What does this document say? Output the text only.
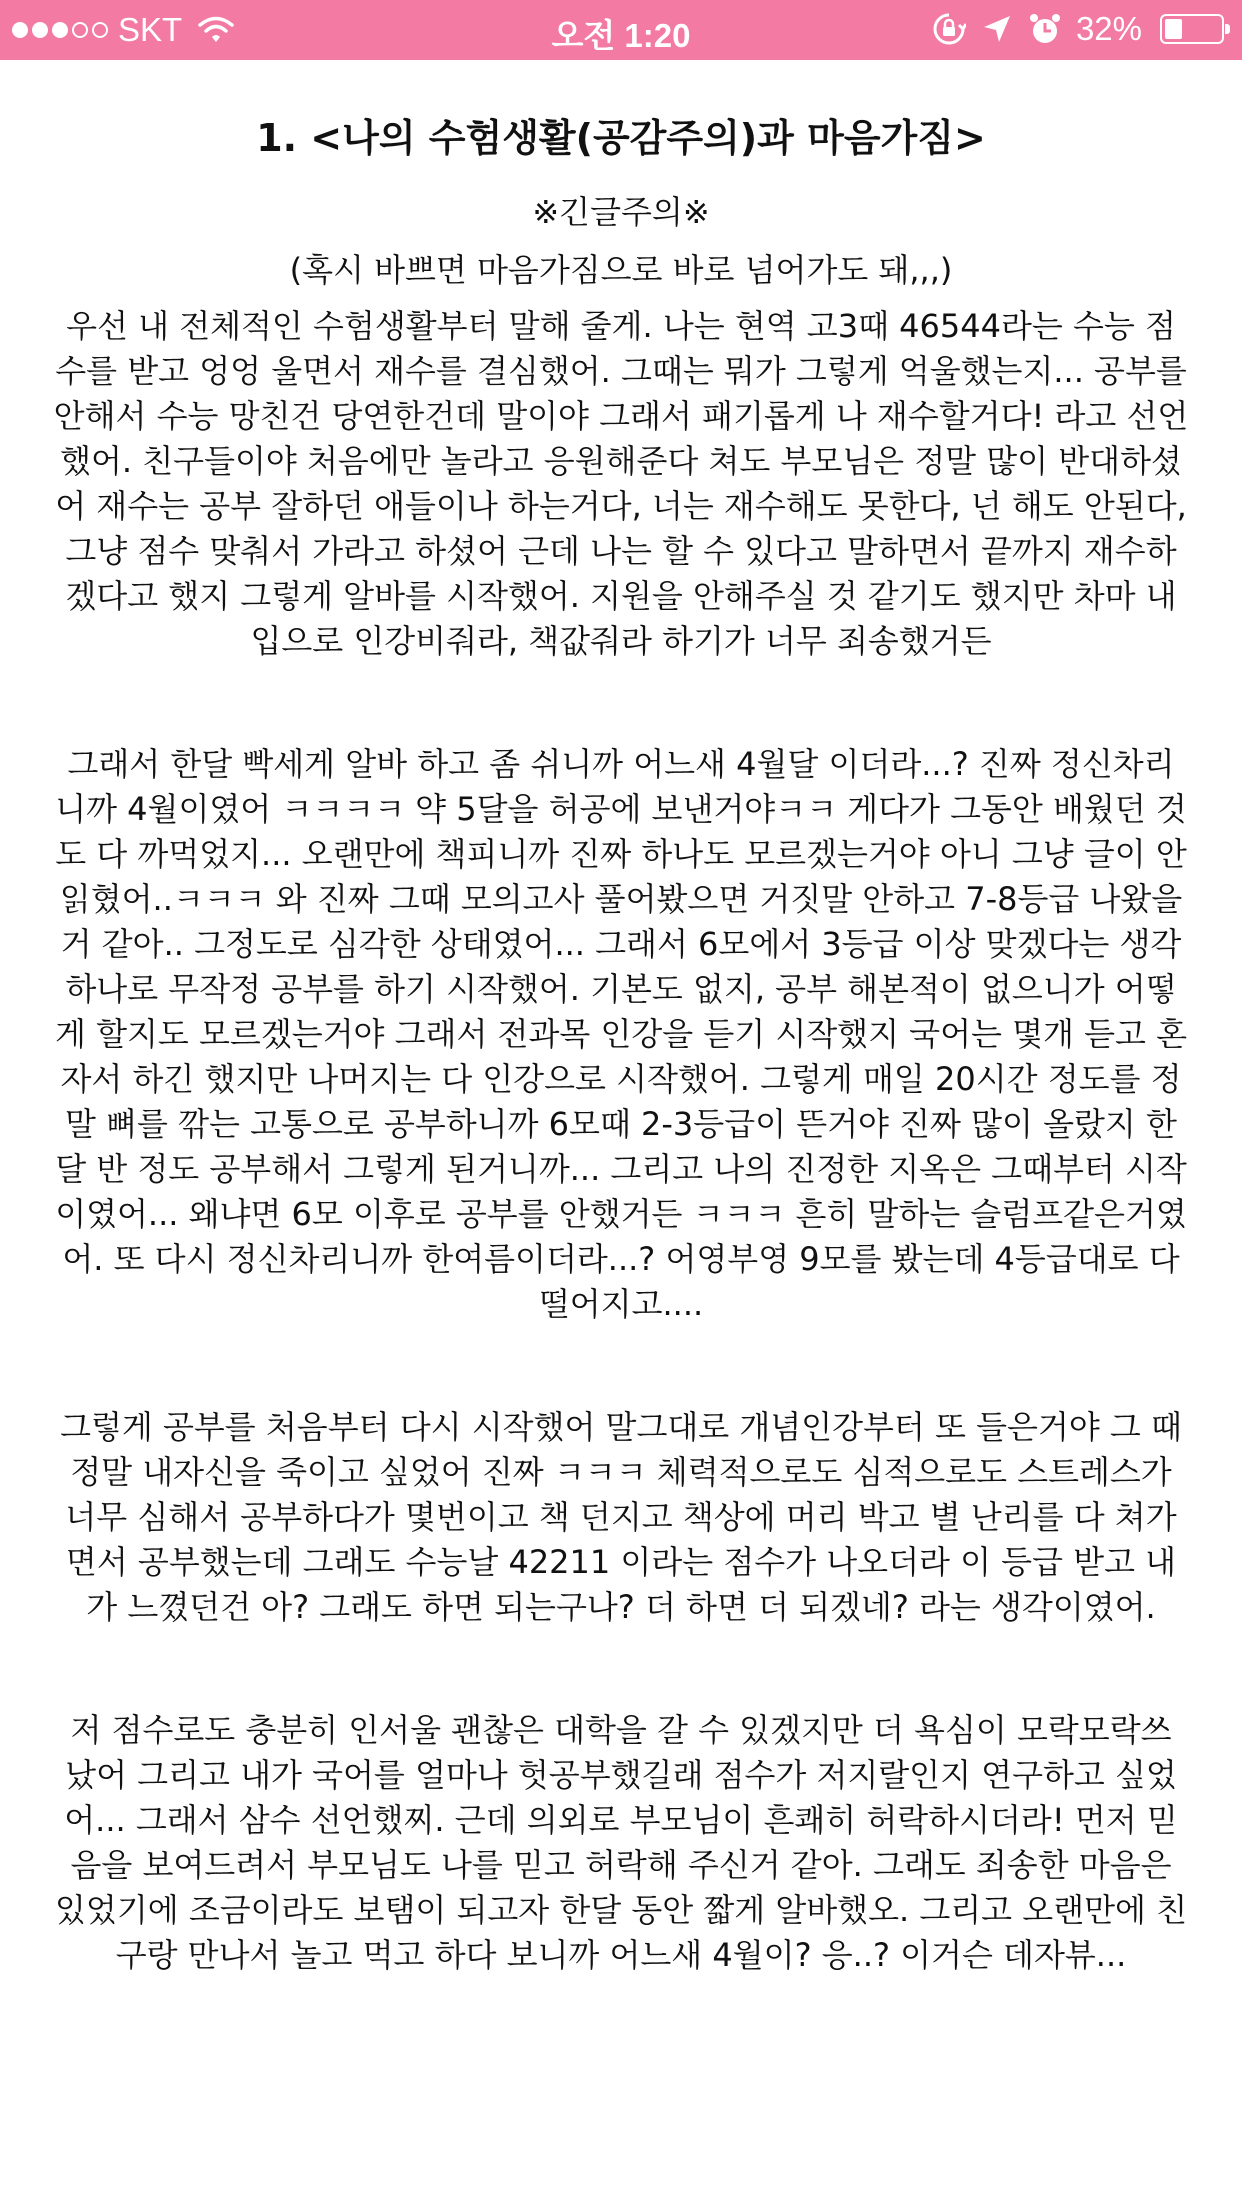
SKT	오전 1:20	32%
1. <나의 수험생활(공감주의)과 마음가짐>
※긴글주의※
(혹시 바쁘면 마음가짐으로 바로 넘어가도 돼,,,)

우선 내 전체적인 수험생활부터 말해 줄게. 나는 현역 고3때 46544라는 수능 점수를 받고 엉엉 울면서 재수를 결심했어. 그때는 뭐가 그렇게 억울했는지... 공부를 안해서 수능 망친건 당연한건데 말이야 그래서 패기롭게 나 재수할거다! 라고 선언했어. 친구들이야 처음에만 놀라고 응원해준다 쳐도 부모님은 정말 많이 반대하셨어 재수는 공부 잘하던 애들이나 하는거다, 너는 재수해도 못한다, 넌 해도 안된다, 그냥 점수 맞춰서 가라고 하셨어 근데 나는 할 수 있다고 말하면서 끝까지 재수하겠다고 했지 그렇게 알바를 시작했어. 지원을 안해주실 것 같기도 했지만 차마 내입으로 인강비줘라, 책값줘라 하기가 너무 죄송했거든

그래서 한달 빡세게 알바 하고 좀 쉬니까 어느새 4월달 이더라...? 진짜 정신차리니까 4월이였어 ㅋㅋㅋㅋ 약 5달을 허공에 보낸거야ㅋㅋ 게다가 그동안 배웠던 것도 다 까먹었지... 오랜만에 책피니까 진짜 하나도 모르겠는거야 아니 그냥 글이 안읽혔어..ㅋㅋㅋ 와 진짜 그때 모의고사 풀어봤으면 거짓말 안하고 7-8등급 나왔을거 같아.. 그정도로 심각한 상태였어... 그래서 6모에서 3등급 이상 맞겠다는 생각하나로 무작정 공부를 하기 시작했어. 기본도 없지, 공부 해본적이 없으니가 어떻게 할지도 모르겠는거야 그래서 전과목 인강을 듣기 시작했지 국어는 몇개 듣고 혼자서 하긴 했지만 나머지는 다 인강으로 시작했어. 그렇게 매일 20시간 정도를 정말 뼈를 깎는 고통으로 공부하니까 6모때 2-3등급이 뜬거야 진짜 많이 올랐지 한달 반 정도 공부해서 그렇게 된거니까... 그리고 나의 진정한 지옥은 그때부터 시작이였어... 왜냐면 6모 이후로 공부를 안했거든 ㅋㅋㅋ 흔히 말하는 슬럼프같은거였어. 또 다시 정신차리니까 한여름이더라...? 어영부영 9모를 봤는데 4등급대로 다떨어지고....

그렇게 공부를 처음부터 다시 시작했어 말그대로 개념인강부터 또 들은거야 그 때 정말 내자신을 죽이고 싶었어 진짜 ㅋㅋㅋ 체력적으로도 심적으로도 스트레스가 너무 심해서 공부하다가 몇번이고 책 던지고 책상에 머리 박고 별 난리를 다 쳐가면서 공부했는데 그래도 수능날 42211 이라는 점수가 나오더라 이 등급 받고 내가 느꼈던건 아? 그래도 하면 되는구나? 더 하면 더 되겠네? 라는 생각이였어.

저 점수로도 충분히 인서울 괜찮은 대학을 갈 수 있겠지만 더 욕심이 모락모락쓰 났어 그리고 내가 국어를 얼마나 헛공부했길래 점수가 저지랄인지 연구하고 싶었어... 그래서 삼수 선언했찌. 근데 의외로 부모님이 흔쾌히 허락하시더라! 먼저 믿음을 보여드려서 부모님도 나를 믿고 허락해 주신거 같아. 그래도 죄송한 마음은 있었기에 조금이라도 보탬이 되고자 한달 동안 짧게 알바했오. 그리고 오랜만에 친구랑 만나서 놀고 먹고 하다 보니까 어느새 4월이? 응..? 이거슨 데자뷰...
